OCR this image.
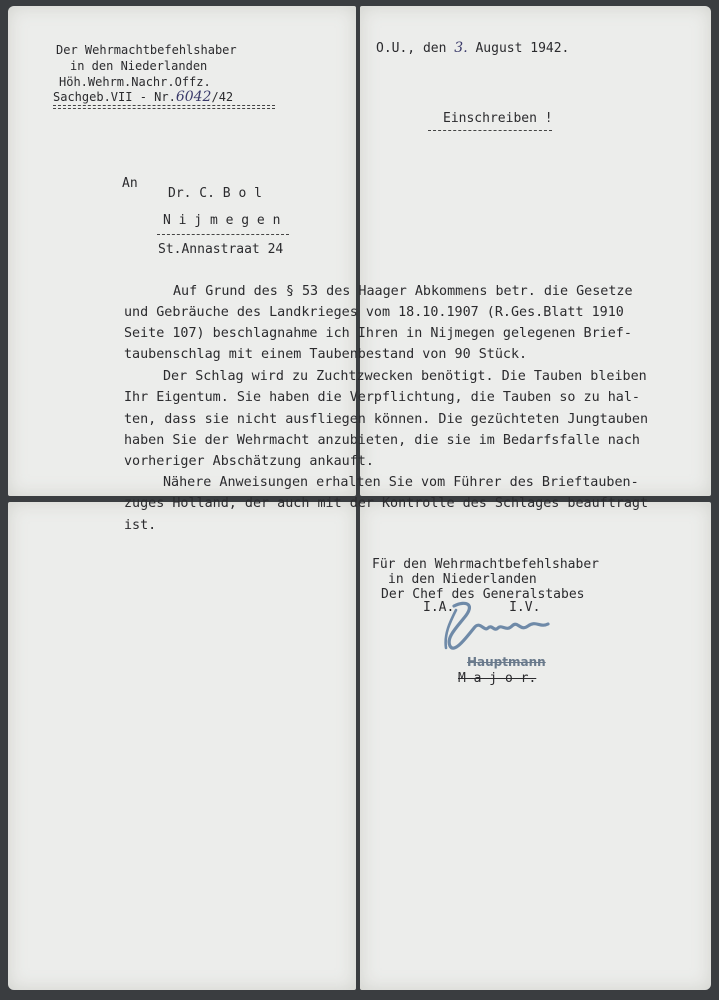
Der Wehrmachtbefehlshaber
in den Niederlanden
Höh.Wehrm.Nachr.Offz.
Sachgeb.VII - Nr.6042/42
O.U., den 3. August 1942.
Einschreiben !
An
Dr. C. B o l
N i j m e g e n
St.Annastraat 24
Auf Grund des § 53 des Haager Abkommens betr. die Gesetze
und Gebräuche des Landkrieges vom 18.10.1907 (R.Ges.Blatt 1910
Seite 107) beschlagnahme ich Ihren in Nijmegen gelegenen Brief-
taubenschlag mit einem Taubenbestand von 90 Stück.
Der Schlag wird zu Zuchtzwecken benötigt. Die Tauben bleiben
Ihr Eigentum. Sie haben die Verpflichtung, die Tauben so zu hal-
ten, dass sie nicht ausfliegen können. Die gezüchteten Jungtauben
haben Sie der Wehrmacht anzubieten, die sie im Bedarfsfalle nach
vorheriger Abschätzung ankauft.
Nähere Anweisungen erhalten Sie vom Führer des Brieftauben-
zuges Holland, der auch mit der Kontrolle des Schlages beauftragt
ist.
Für den Wehrmachtbefehlshaber
in den Niederlanden
Der Chef des Generalstabes
I.A.       I.V.
Hauptmann
M a j o r.
